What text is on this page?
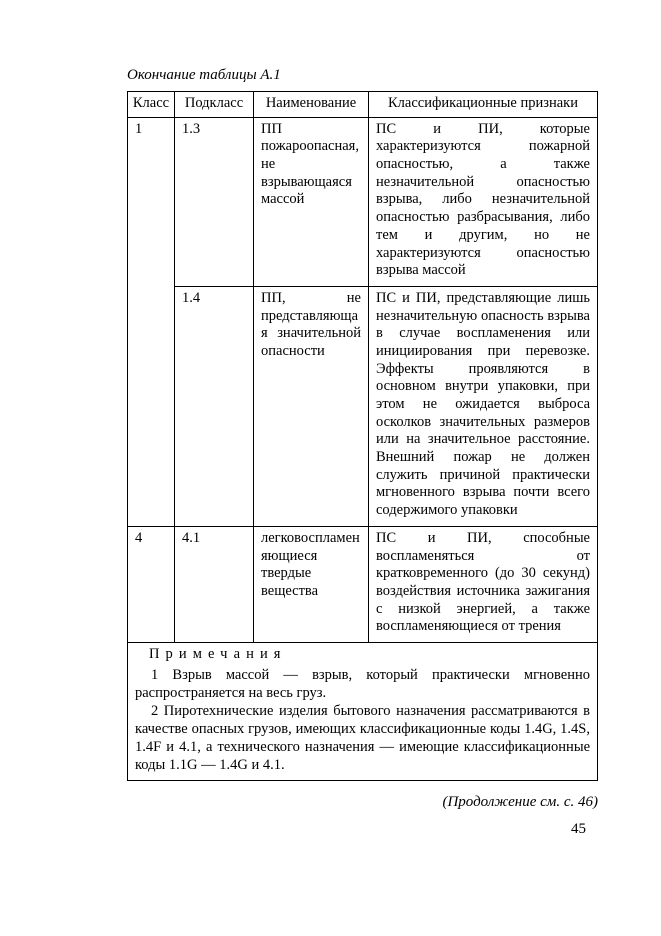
Окончание таблицы А.1
Класс	Подкласс	Наименование	Классификационные признаки
1	1.3	ПП пожароопасная, не взрывающаяся массой	ПС и ПИ, которые характеризуются пожарной опасностью, а также незначительной опасностью взрыва, либо незначительной опасностью разбрасывания, либо тем и другим, но не характеризуются опасностью взрыва массой
	1.4	ПП, не представляющая значительной опасности	ПС и ПИ, представляющие лишь незначительную опасность взрыва в случае воспламенения или инициирования при перевозке. Эффекты проявляются в основном внутри упаковки, при этом не ожидается выброса осколков значительных размеров или на значительное расстояние. Внешний пожар не должен служить причиной практически мгновенного взрыва почти всего содержимого упаковки
4	4.1	легковоспламеняющиеся твердые вещества	ПС и ПИ, способные воспламеняться от кратковременного (до 30 секунд) воздействия источника зажигания с низкой энергией, а также воспламеняющиеся от трения

Примечания

1 Взрыв массой — взрыв, который практически мгновенно распространяется на весь груз.

2 Пиротехнические изделия бытового назначения рассматриваются в качестве опасных грузов, имеющих классификационные коды 1.4G, 1.4S, 1.4F и 4.1, а технического назначения — имеющие классификационные коды 1.1G — 1.4G и 4.1.			

(Продолжение см. с. 46)
45
